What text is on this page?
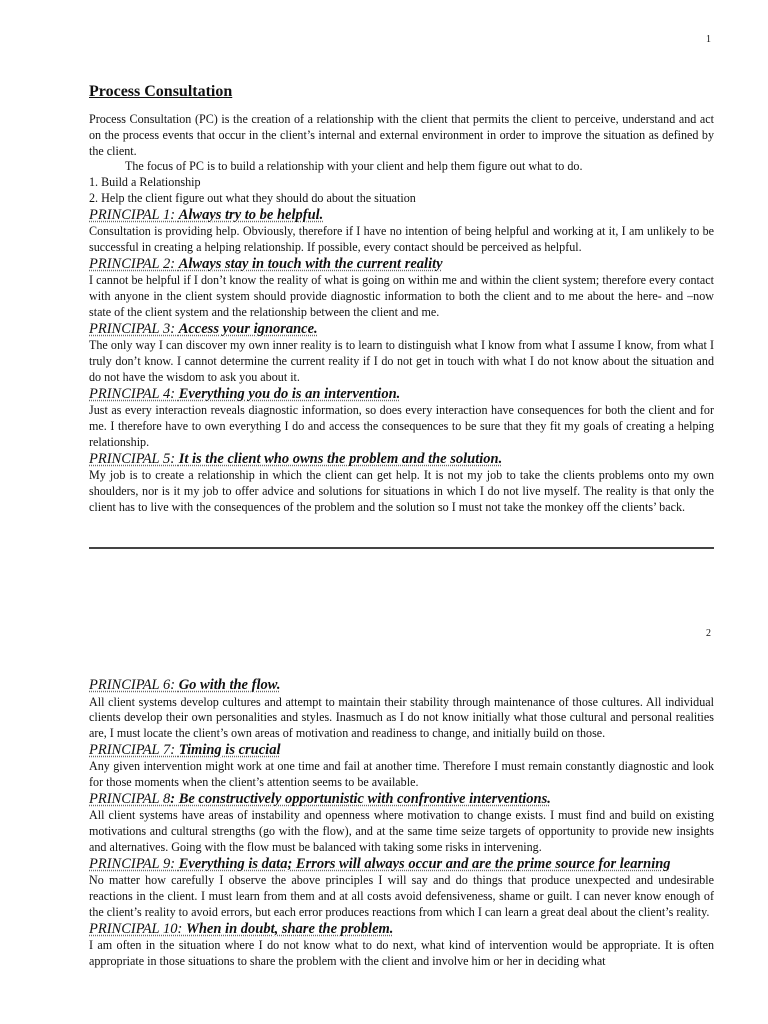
1
Process Consultation
Process Consultation (PC) is the creation of a relationship with the client that permits the client to perceive, understand and act on the process events that occur in the client’s internal and external environment in order to improve the situation as defined by the client.
The focus of PC is to build a relationship with your client and help them figure out what to do.
1. Build a Relationship
2. Help the client figure out what they should do about the situation
PRINCIPAL 1: Always try to be helpful.

Consultation is providing help. Obviously, therefore if I have no intention of being helpful and working at it, I am unlikely to be successful in creating a helping relationship. If possible, every contact should be perceived as helpful.

PRINCIPAL 2: Always stay in touch with the current reality

I cannot be helpful if I don’t know the reality of what is going on within me and within the client system; therefore every contact with anyone in the client system should provide diagnostic information to both the client and to me about the here- and –now state of the client system and the relationship between the client and me.

PRINCIPAL 3: Access your ignorance.

The only way I can discover my own inner reality is to learn to distinguish what I know from what I assume I know, from what I truly don’t know. I cannot determine the current reality if I do not get in touch with what I do not know about the situation and do not have the wisdom to ask you about it.

PRINCIPAL 4: Everything you do is an intervention.

Just as every interaction reveals diagnostic information, so does every interaction have consequences for both the client and for me. I therefore have to own everything I do and access the consequences to be sure that they fit my goals of creating a helping relationship.

PRINCIPAL 5: It is the client who owns the problem and the solution.

My job is to create a relationship in which the client can get help. It is not my job to take the clients problems onto my own shoulders, nor is it my job to offer advice and solutions for situations in which I do not live myself. The reality is that only the client has to live with the consequences of the problem and the solution so I must not take the monkey off the clients’ back.

2
PRINCIPAL 6: Go with the flow.

All client systems develop cultures and attempt to maintain their stability through maintenance of those cultures. All individual clients develop their own personalities and styles. Inasmuch as I do not know initially what those cultural and personal realities are, I must locate the client’s own areas of motivation and readiness to change, and initially build on those.

PRINCIPAL 7: Timing is crucial

Any given intervention might work at one time and fail at another time. Therefore I must remain constantly diagnostic and look for those moments when the client’s attention seems to be available.

PRINCIPAL 8: Be constructively opportunistic with confrontive interventions.

All client systems have areas of instability and openness where motivation to change exists. I must find and build on existing motivations and cultural strengths (go with the flow), and at the same time seize targets of opportunity to provide new insights and alternatives. Going with the flow must be balanced with taking some risks in intervening.

PRINCIPAL 9: Everything is data; Errors will always occur and are the prime source for learning

No matter how carefully I observe the above principles I will say and do things that produce unexpected and undesirable reactions in the client. I must learn from them and at all costs avoid defensiveness, shame or guilt. I can never know enough of the client’s reality to avoid errors, but each error produces reactions from which I can learn a great deal about the client’s reality.

PRINCIPAL 10: When in doubt, share the problem.

I am often in the situation where I do not know what to do next, what kind of intervention would be appropriate. It is often appropriate in those situations to share the problem with the client and involve him or her in deciding what
